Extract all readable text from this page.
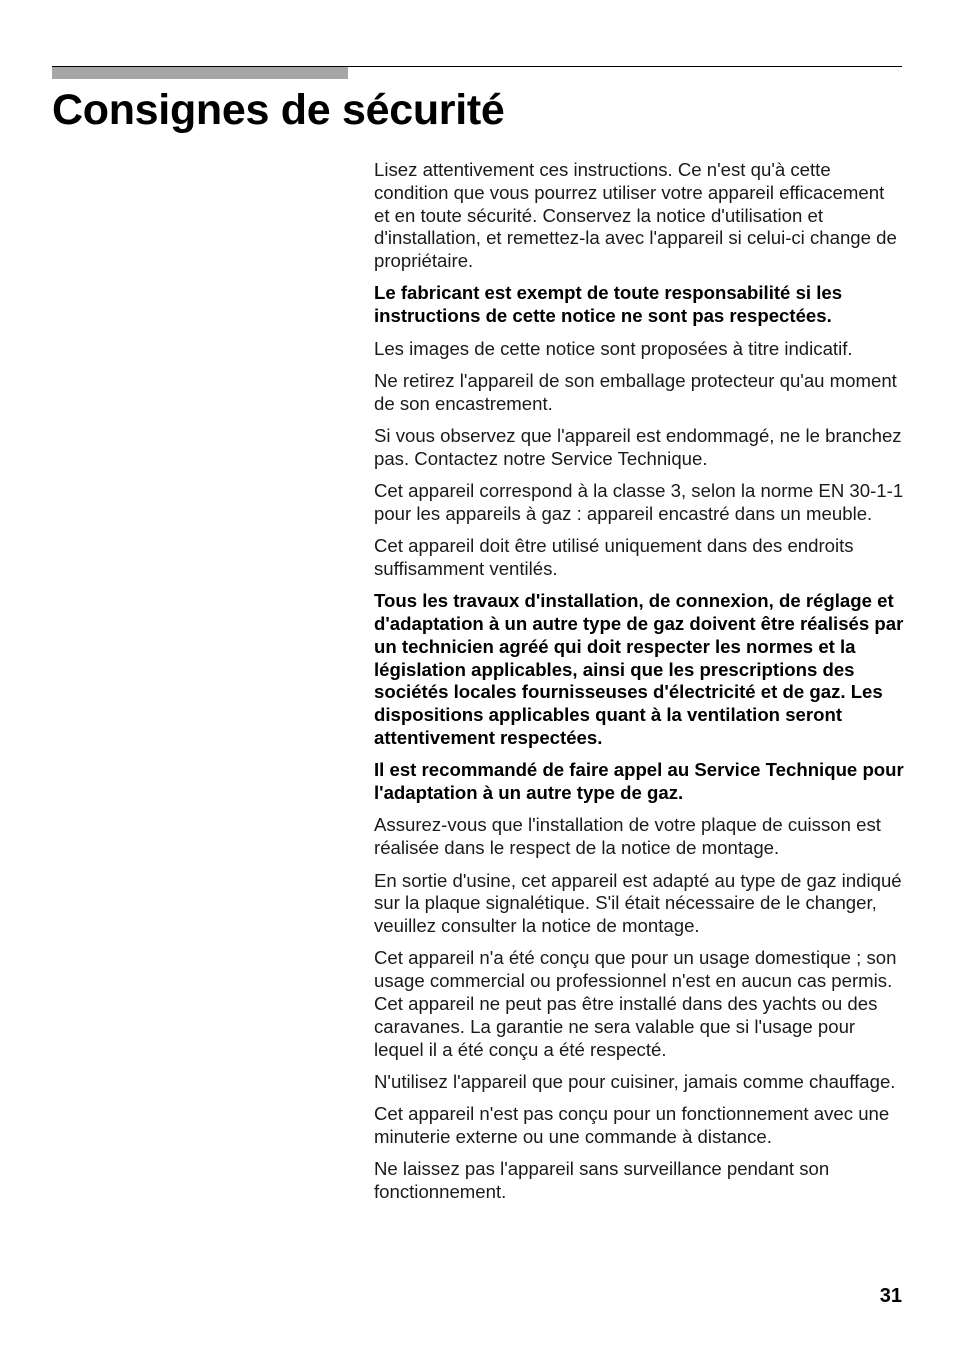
Consignes de sécurité

Lisez attentivement ces instructions. Ce n'est qu'à cette condition que vous pourrez utiliser votre appareil efficacement et en toute sécurité. Conservez la notice d'utilisation et d'installation, et remettez-la avec l'appareil si celui-ci change de propriétaire.

Le fabricant est exempt de toute responsabilité si les instructions de cette notice ne sont pas respectées.

Les images de cette notice sont proposées à titre indicatif.

Ne retirez l'appareil de son emballage protecteur qu'au moment de son encastrement.

Si vous observez que l'appareil est endommagé, ne le branchez pas. Contactez notre Service Technique.

Cet appareil correspond à la classe 3, selon la norme EN 30-1-1 pour les appareils à gaz : appareil encastré dans un meuble.

Cet appareil doit être utilisé uniquement dans des endroits suffisamment ventilés.

Tous les travaux d'installation, de connexion, de réglage et d'adaptation à un autre type de gaz doivent être réalisés par un technicien agréé qui doit respecter les normes et la législation applicables, ainsi que les prescriptions des sociétés locales fournisseuses d'électricité et de gaz. Les dispositions applicables quant à la ventilation seront attentivement respectées.

Il est recommandé de faire appel au Service Technique pour l'adaptation à un autre type de gaz.

Assurez-vous que l'installation de votre plaque de cuisson est réalisée dans le respect de la notice de montage.

En sortie d'usine, cet appareil est adapté au type de gaz indiqué sur la plaque signalétique. S'il était nécessaire de le changer, veuillez consulter la notice de montage.

Cet appareil n'a été conçu que pour un usage domestique ; son usage commercial ou professionnel n'est en aucun cas permis. Cet appareil ne peut pas être installé dans des yachts ou des caravanes. La garantie ne sera valable que si l'usage pour lequel il a été conçu a été respecté.

N'utilisez l'appareil que pour cuisiner, jamais comme chauffage.

Cet appareil n'est pas conçu pour un fonctionnement avec une minuterie externe ou une commande à distance.

Ne laissez pas l'appareil sans surveillance pendant son fonctionnement.

31
